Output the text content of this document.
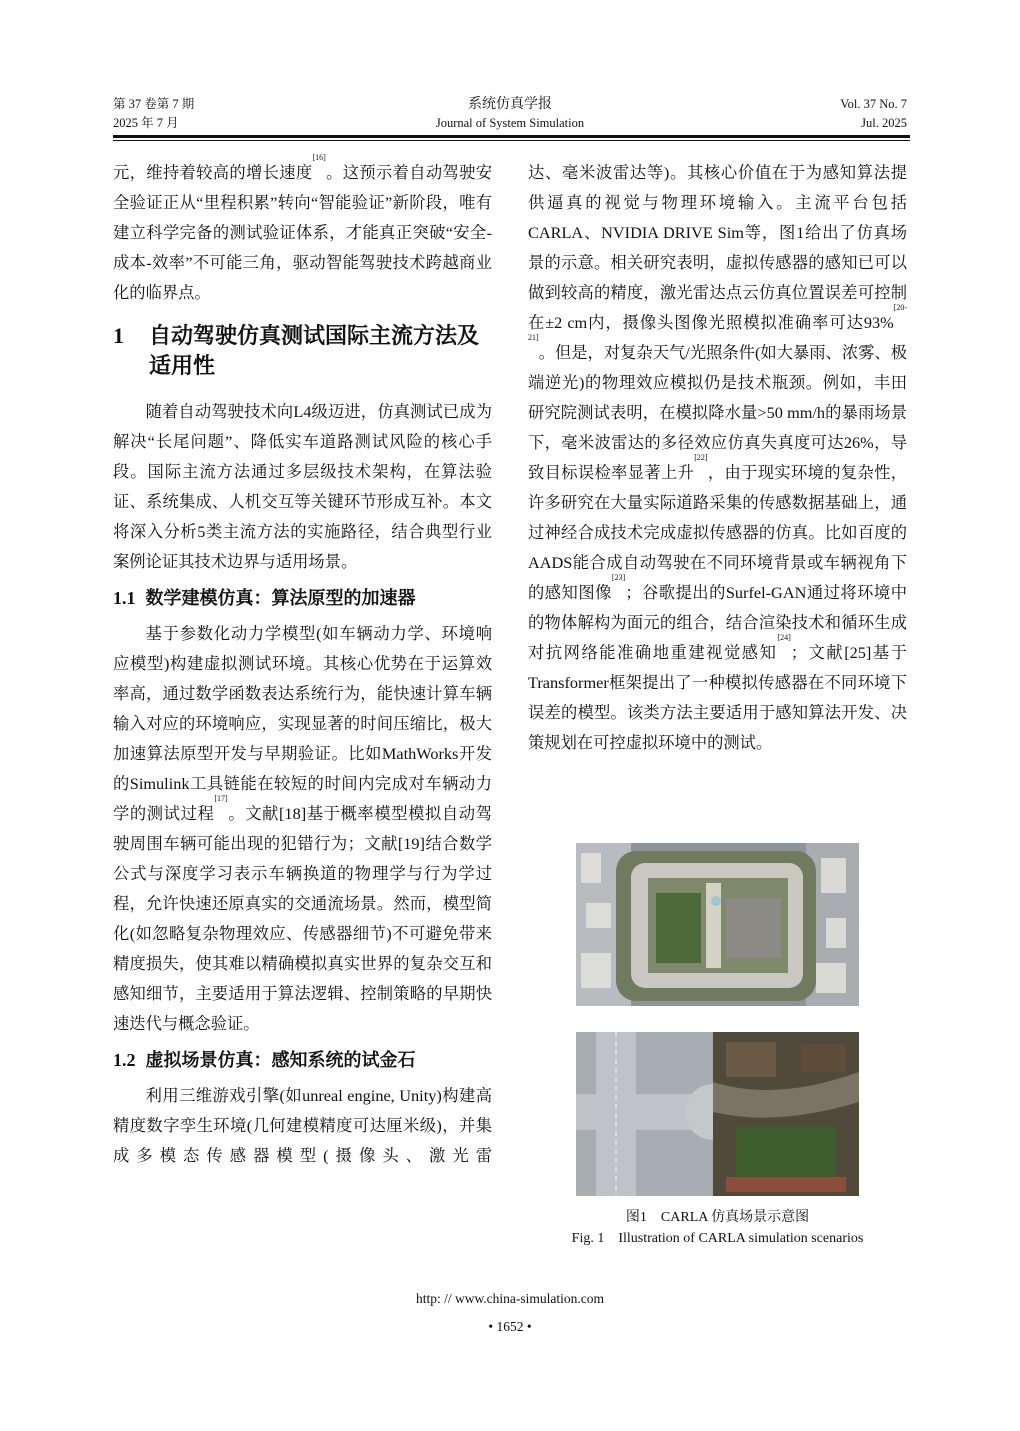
第 37 卷第 7 期
2025 年 7 月
系统仿真学报
Journal of System Simulation
Vol. 37 No. 7
Jul. 2025

元，维持着较高的增长速度[16]。这预示着自动驾驶安全验证正从“里程积累”转向“智能验证”新阶段，唯有建立科学完备的测试验证体系，才能真正突破“安全-成本-效率”不可能三角，驱动智能驾驶技术跨越商业化的临界点。

1	自动驾驶仿真测试国际主流方法及适用性

随着自动驾驶技术向L4级迈进，仿真测试已成为解决“长尾问题”、降低实车道路测试风险的核心手段。国际主流方法通过多层级技术架构，在算法验证、系统集成、人机交互等关键环节形成互补。本文将深入分析5类主流方法的实施路径，结合典型行业案例论证其技术边界与适用场景。

1.1 数学建模仿真：算法原型的加速器

基于参数化动力学模型(如车辆动力学、环境响应模型)构建虚拟测试环境。其核心优势在于运算效率高，通过数学函数表达系统行为，能快速计算车辆输入对应的环境响应，实现显著的时间压缩比，极大加速算法原型开发与早期验证。比如MathWorks开发的Simulink工具链能在较短的时间内完成对车辆动力学的测试过程[17]。文献[18]基于概率模型模拟自动驾驶周围车辆可能出现的犯错行为；文献[19]结合数学公式与深度学习表示车辆换道的物理学与行为学过程，允许快速还原真实的交通流场景。然而，模型简化(如忽略复杂物理效应、传感器细节)不可避免带来精度损失，使其难以精确模拟真实世界的复杂交互和感知细节，主要适用于算法逻辑、控制策略的早期快速迭代与概念验证。

1.2 虚拟场景仿真：感知系统的试金石

利用三维游戏引擎(如unreal engine, Unity)构建高精度数字孪生环境(几何建模精度可达厘米级)，并集成多模态传感器模型(摄像头、激光雷

达、毫米波雷达等)。其核心价值在于为感知算法提供逼真的视觉与物理环境输入。主流平台包括CARLA、NVIDIA DRIVE Sim等，图1给出了仿真场景的示意。相关研究表明，虚拟传感器的感知已可以做到较高的精度，激光雷达点云仿真位置误差可控制在±2 cm内，摄像头图像光照模拟准确率可达93%[20-21]。但是，对复杂天气/光照条件(如大暴雨、浓雾、极端逆光)的物理效应模拟仍是技术瓶颈。例如，丰田研究院测试表明，在模拟降水量>50 mm/h的暴雨场景下，毫米波雷达的多径效应仿真失真度可达26%，导致目标误检率显著上升[22]，由于现实环境的复杂性，许多研究在大量实际道路采集的传感数据基础上，通过神经合成技术完成虚拟传感器的仿真。比如百度的AADS能合成自动驾驶在不同环境背景或车辆视角下的感知图像[23]；谷歌提出的Surfel-GAN通过将环境中的物体解构为面元的组合，结合渲染技术和循环生成对抗网络能准确地重建视觉感知[24]；文献[25]基于Transformer框架提出了一种模拟传感器在不同环境下误差的模型。该类方法主要适用于感知算法开发、决策规划在可控虚拟环境中的测试。

图1　CARLA 仿真场景示意图
Fig. 1　Illustration of CARLA simulation scenarios
http: // www.china-simulation.com
• 1652 •
